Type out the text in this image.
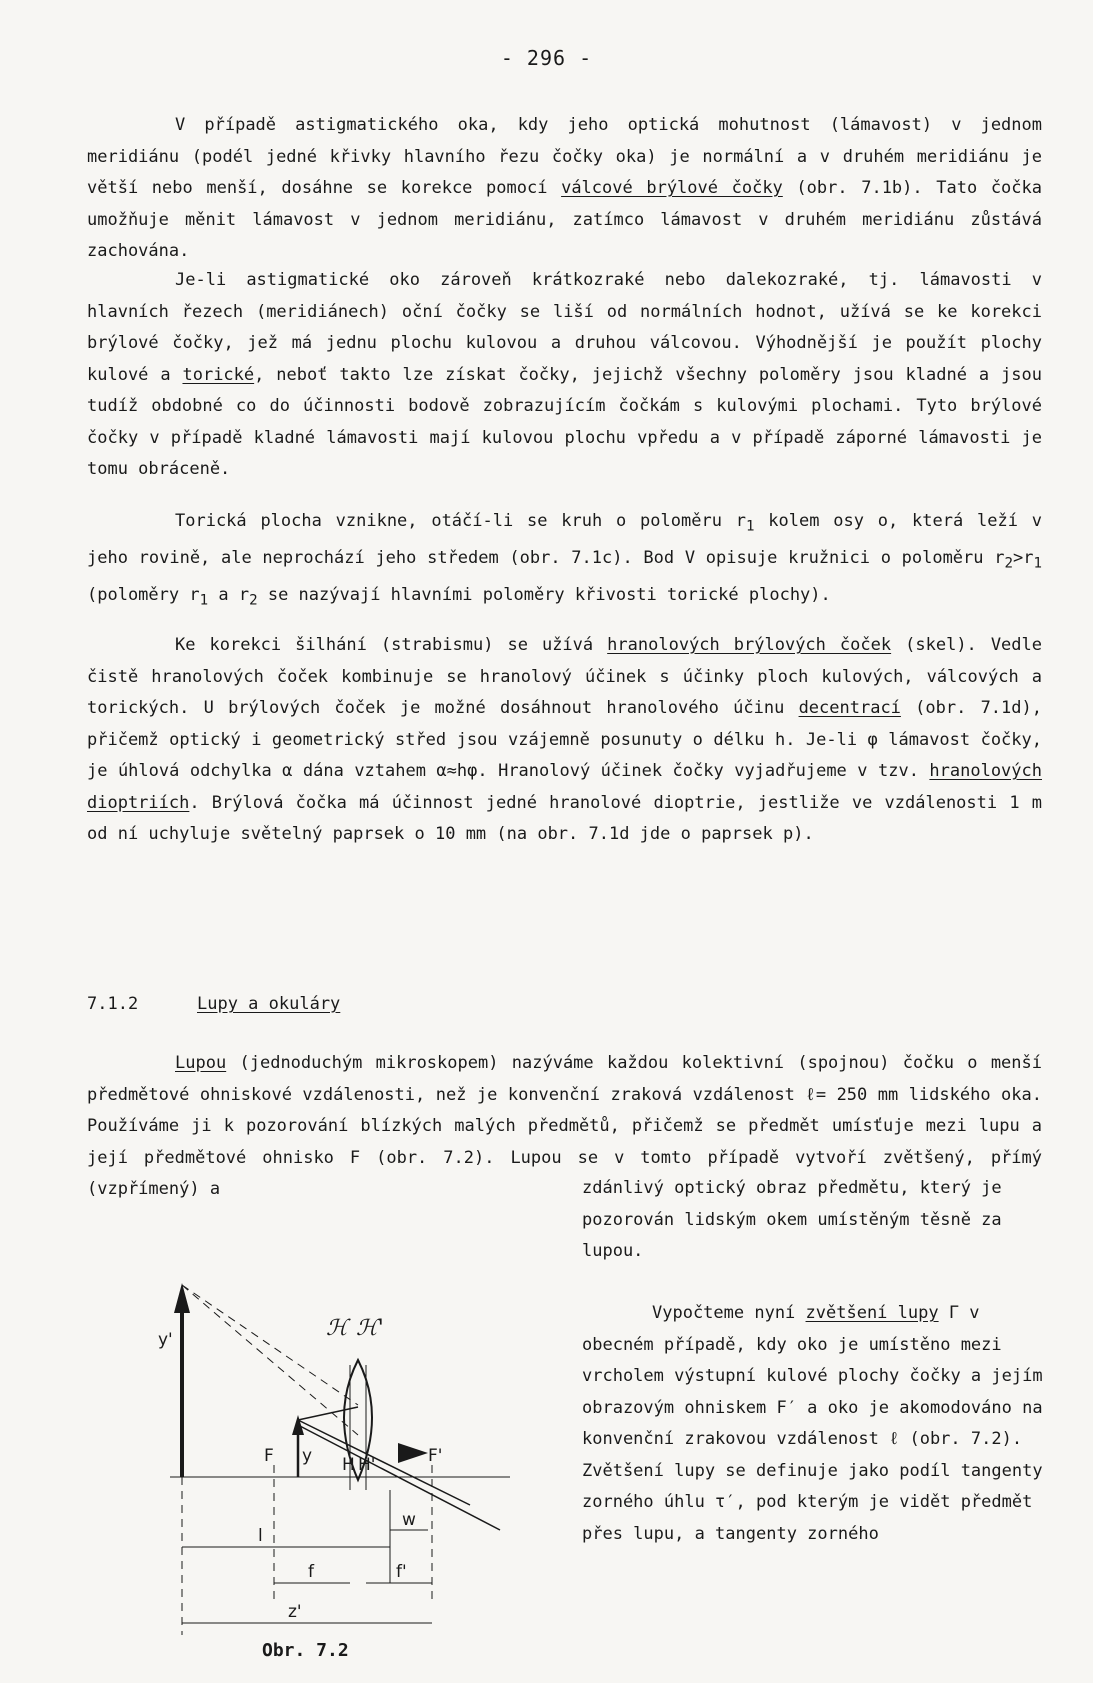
- 296 -

V případě astigmatického oka, kdy jeho optická mohutnost (lámavost) v jednom meridiánu (podél jedné křivky hlavního řezu čočky oka) je normální a v druhém meridiánu je větší nebo menší, dosáhne se korekce pomocí válcové brýlové čočky (obr. 7.1b). Tato čočka umožňuje měnit lámavost v jednom meridiánu, zatímco lámavost v druhém meridiánu zůstává zachována.

Je-li astigmatické oko zároveň krátkozraké nebo dalekozraké, tj. lámavosti v hlavních řezech (meridiánech) oční čočky se liší od normálních hodnot, užívá se ke korekci brýlové čočky, jež má jednu plochu kulovou a druhou válcovou. Výhodnější je použít plochy kulové a torické, neboť takto lze získat čočky, jejichž všechny poloměry jsou kladné a jsou tudíž obdobné co do účinnosti bodově zobrazujícím čočkám s kulovými plochami. Tyto brýlové čočky v případě kladné lámavosti mají kulovou plochu vpředu a v případě záporné lámavosti je tomu obráceně.

Torická plocha vznikne, otáčí-li se kruh o poloměru $r_1$ kolem osy o, která leží v jeho rovině, ale neprochází jeho středem (obr. 7.1c). Bod V opisuje kružnici o poloměru $r_2>r_1$ (poloměry $r_1$ a $r_2$ se nazývají hlavními poloměry křivosti torické plochy).

Ke korekci šilhání (strabismu) se užívá hranolových brýlových čoček (skel). Vedle čistě hranolových čoček kombinuje se hranolový účinek s účinky ploch kulových, válcových a torických. U brýlových čoček je možné dosáhnout hranolového účinu decentrací (obr. 7.1d), přičemž optický i geometrický střed jsou vzájemně posunuty o délku h. Je-li φ lámavost čočky, je úhlová odchylka α dána vztahem α≈hφ. Hranolový účinek čočky vyjadřujeme v tzv. hranolových dioptriích. Brýlová čočka má účinnost jedné hranolové dioptrie, jestliže ve vzdálenosti 1 m od ní uchyluje světelný paprsek o 10 mm (na obr. 7.1d jde o paprsek p).

7.1.2	Lupy a okuláry

Lupou (jednoduchým mikroskopem) nazýváme každou kolektivní (spojnou) čočku o menší předmětové ohniskové vzdálenosti, než je konvenční zraková vzdálenost ℓ= 250 mm lidského oka. Používáme ji k pozorování blízkých malých předmětů, přičemž se předmět umísťuje mezi lupu a její předmětové ohnisko F (obr. 7.2). Lupou se v tomto případě vytvoří zvětšený, přímý (vzpřímený) a	zdánlivý optický obraz předmětu, který je pozorován lidským okem umístěným těsně za lupou.

Vypočteme nyní zvětšení lupy Γ v obecném případě, kdy oko je umístěno mezi vrcholem výstupní kulové plochy čočky a jejím obrazovým ohniskem F′ a oko je akomodováno na konvenční zrakovou vzdálenost ℓ (obr. 7.2). Zvětšení lupy se definuje jako podíl tangenty zorného úhlu τ′, pod kterým je vidět předmět přes lupu, a tangenty zorného

y'
y
F	F'
H H'
ℋ ℋ'
w
l
f	f'
z'
Obr. 7.2
